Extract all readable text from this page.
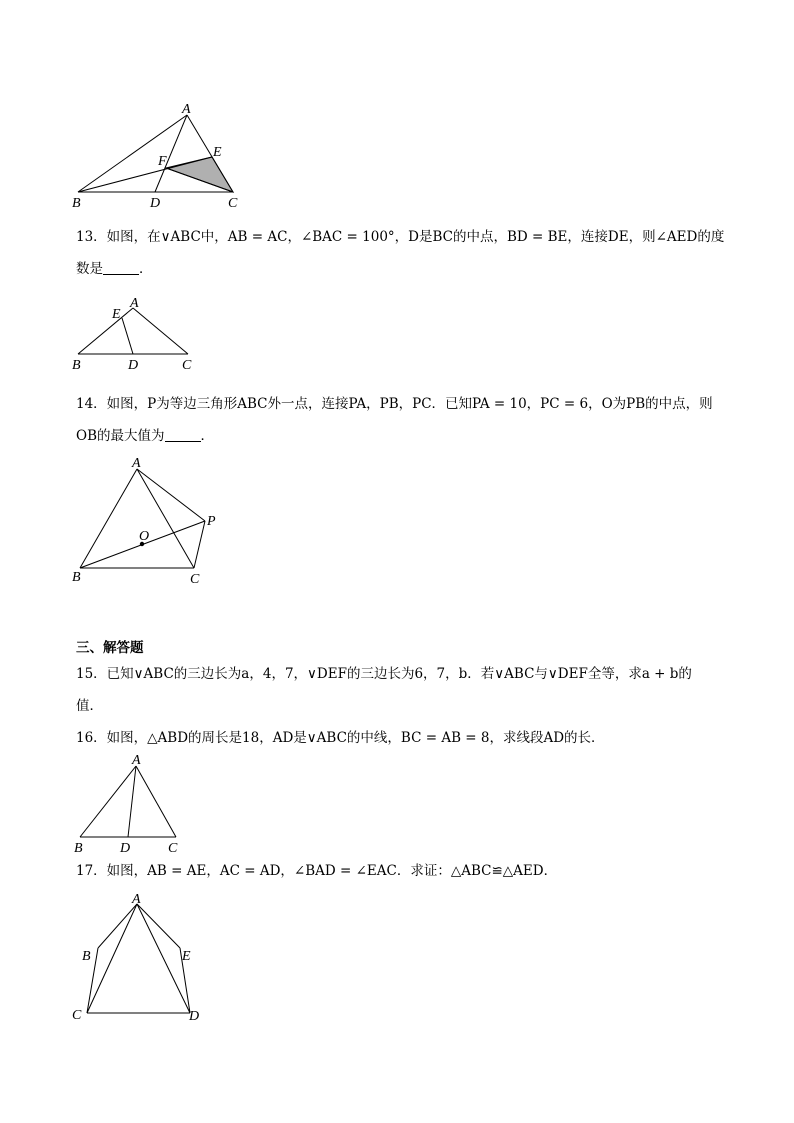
A
E
F
B	D	C
13．如图，在∨ABC中，AB = AC，∠BAC = 100°，D是BC的中点，BD = BE，连接DE，则∠AED的度
数是	．
A
E
B	D	C
14．如图，P为等边三角形ABC外一点，连接PA，PB，PC．已知PA = 10，PC = 6，O为PB的中点，则
OB的最大值为	．
A
P
O
B	C
三、解答题
15．已知∨ABC的三边长为a，4，7，∨DEF的三边长为6，7，b．若∨ABC与∨DEF全等，求a + b的
值．
16．如图，△ABD的周长是18，AD是∨ABC的中线，BC = AB = 8，求线段AD的长．
A
B	D	C
17．如图，AB = AE，AC = AD，∠BAD = ∠EAC．求证：△ABC≌△AED．
A
B	E
C	D
